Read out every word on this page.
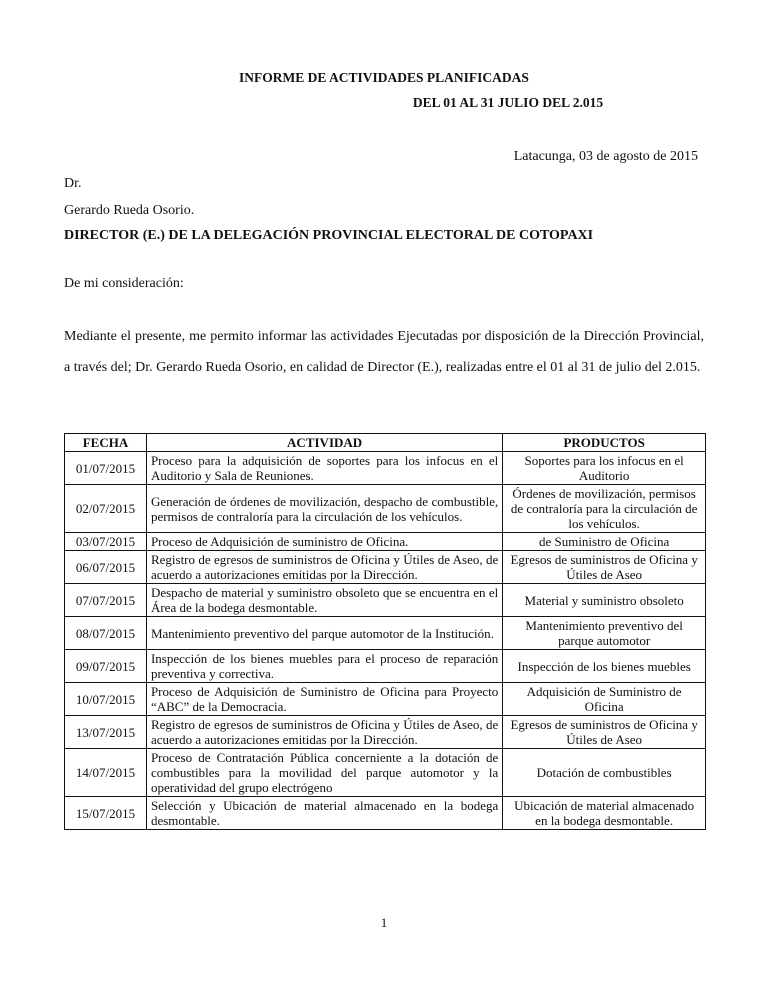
INFORME DE ACTIVIDADES PLANIFICADAS
DEL 01 AL 31 JULIO DEL 2.015
Latacunga, 03 de agosto de 2015
Dr.
Gerardo Rueda Osorio.
DIRECTOR (E.) DE LA DELEGACIÓN PROVINCIAL ELECTORAL DE COTOPAXI
De mi consideración:
Mediante el presente, me permito informar las actividades Ejecutadas por disposición de la Dirección Provincial, a través del; Dr. Gerardo Rueda Osorio, en calidad de Director (E.), realizadas entre el 01 al 31 de julio del 2.015.
FECHA	ACTIVIDAD	PRODUCTOS
01/07/2015	Proceso para la adquisición de soportes para los infocus en el Auditorio y Sala de Reuniones.	Soportes para los infocus en el Auditorio
02/07/2015	Generación de órdenes de movilización, despacho de combustible, permisos de contraloría para la circulación de los vehículos.	Órdenes de movilización, permisos de contraloría para la circulación de los vehículos.
03/07/2015	Proceso de Adquisición de suministro de Oficina.	de Suministro de Oficina
06/07/2015	Registro de egresos de suministros de Oficina y Útiles de Aseo, de acuerdo a autorizaciones emitidas por la Dirección.	Egresos de suministros de Oficina y Útiles de Aseo
07/07/2015	Despacho de material y suministro obsoleto que se encuentra en el Área de la bodega desmontable.	Material y suministro obsoleto
08/07/2015	Mantenimiento preventivo del parque automotor de la Institución.	Mantenimiento preventivo del parque automotor
09/07/2015	Inspección de los bienes muebles para el proceso de reparación preventiva y correctiva.	Inspección de los bienes muebles
10/07/2015	Proceso de Adquisición de Suministro de Oficina para Proyecto “ABC” de la Democracia.	Adquisición de Suministro de Oficina
13/07/2015	Registro de egresos de suministros de Oficina y Útiles de Aseo, de acuerdo a autorizaciones emitidas por la Dirección.	Egresos de suministros de Oficina y Útiles de Aseo
14/07/2015	Proceso de Contratación Pública concerniente a la dotación de combustibles para la movilidad del parque automotor y la operatividad del grupo electrógeno	Dotación de combustibles
15/07/2015	Selección y Ubicación de material almacenado en la bodega desmontable.	Ubicación de material almacenado en la bodega desmontable.
1
